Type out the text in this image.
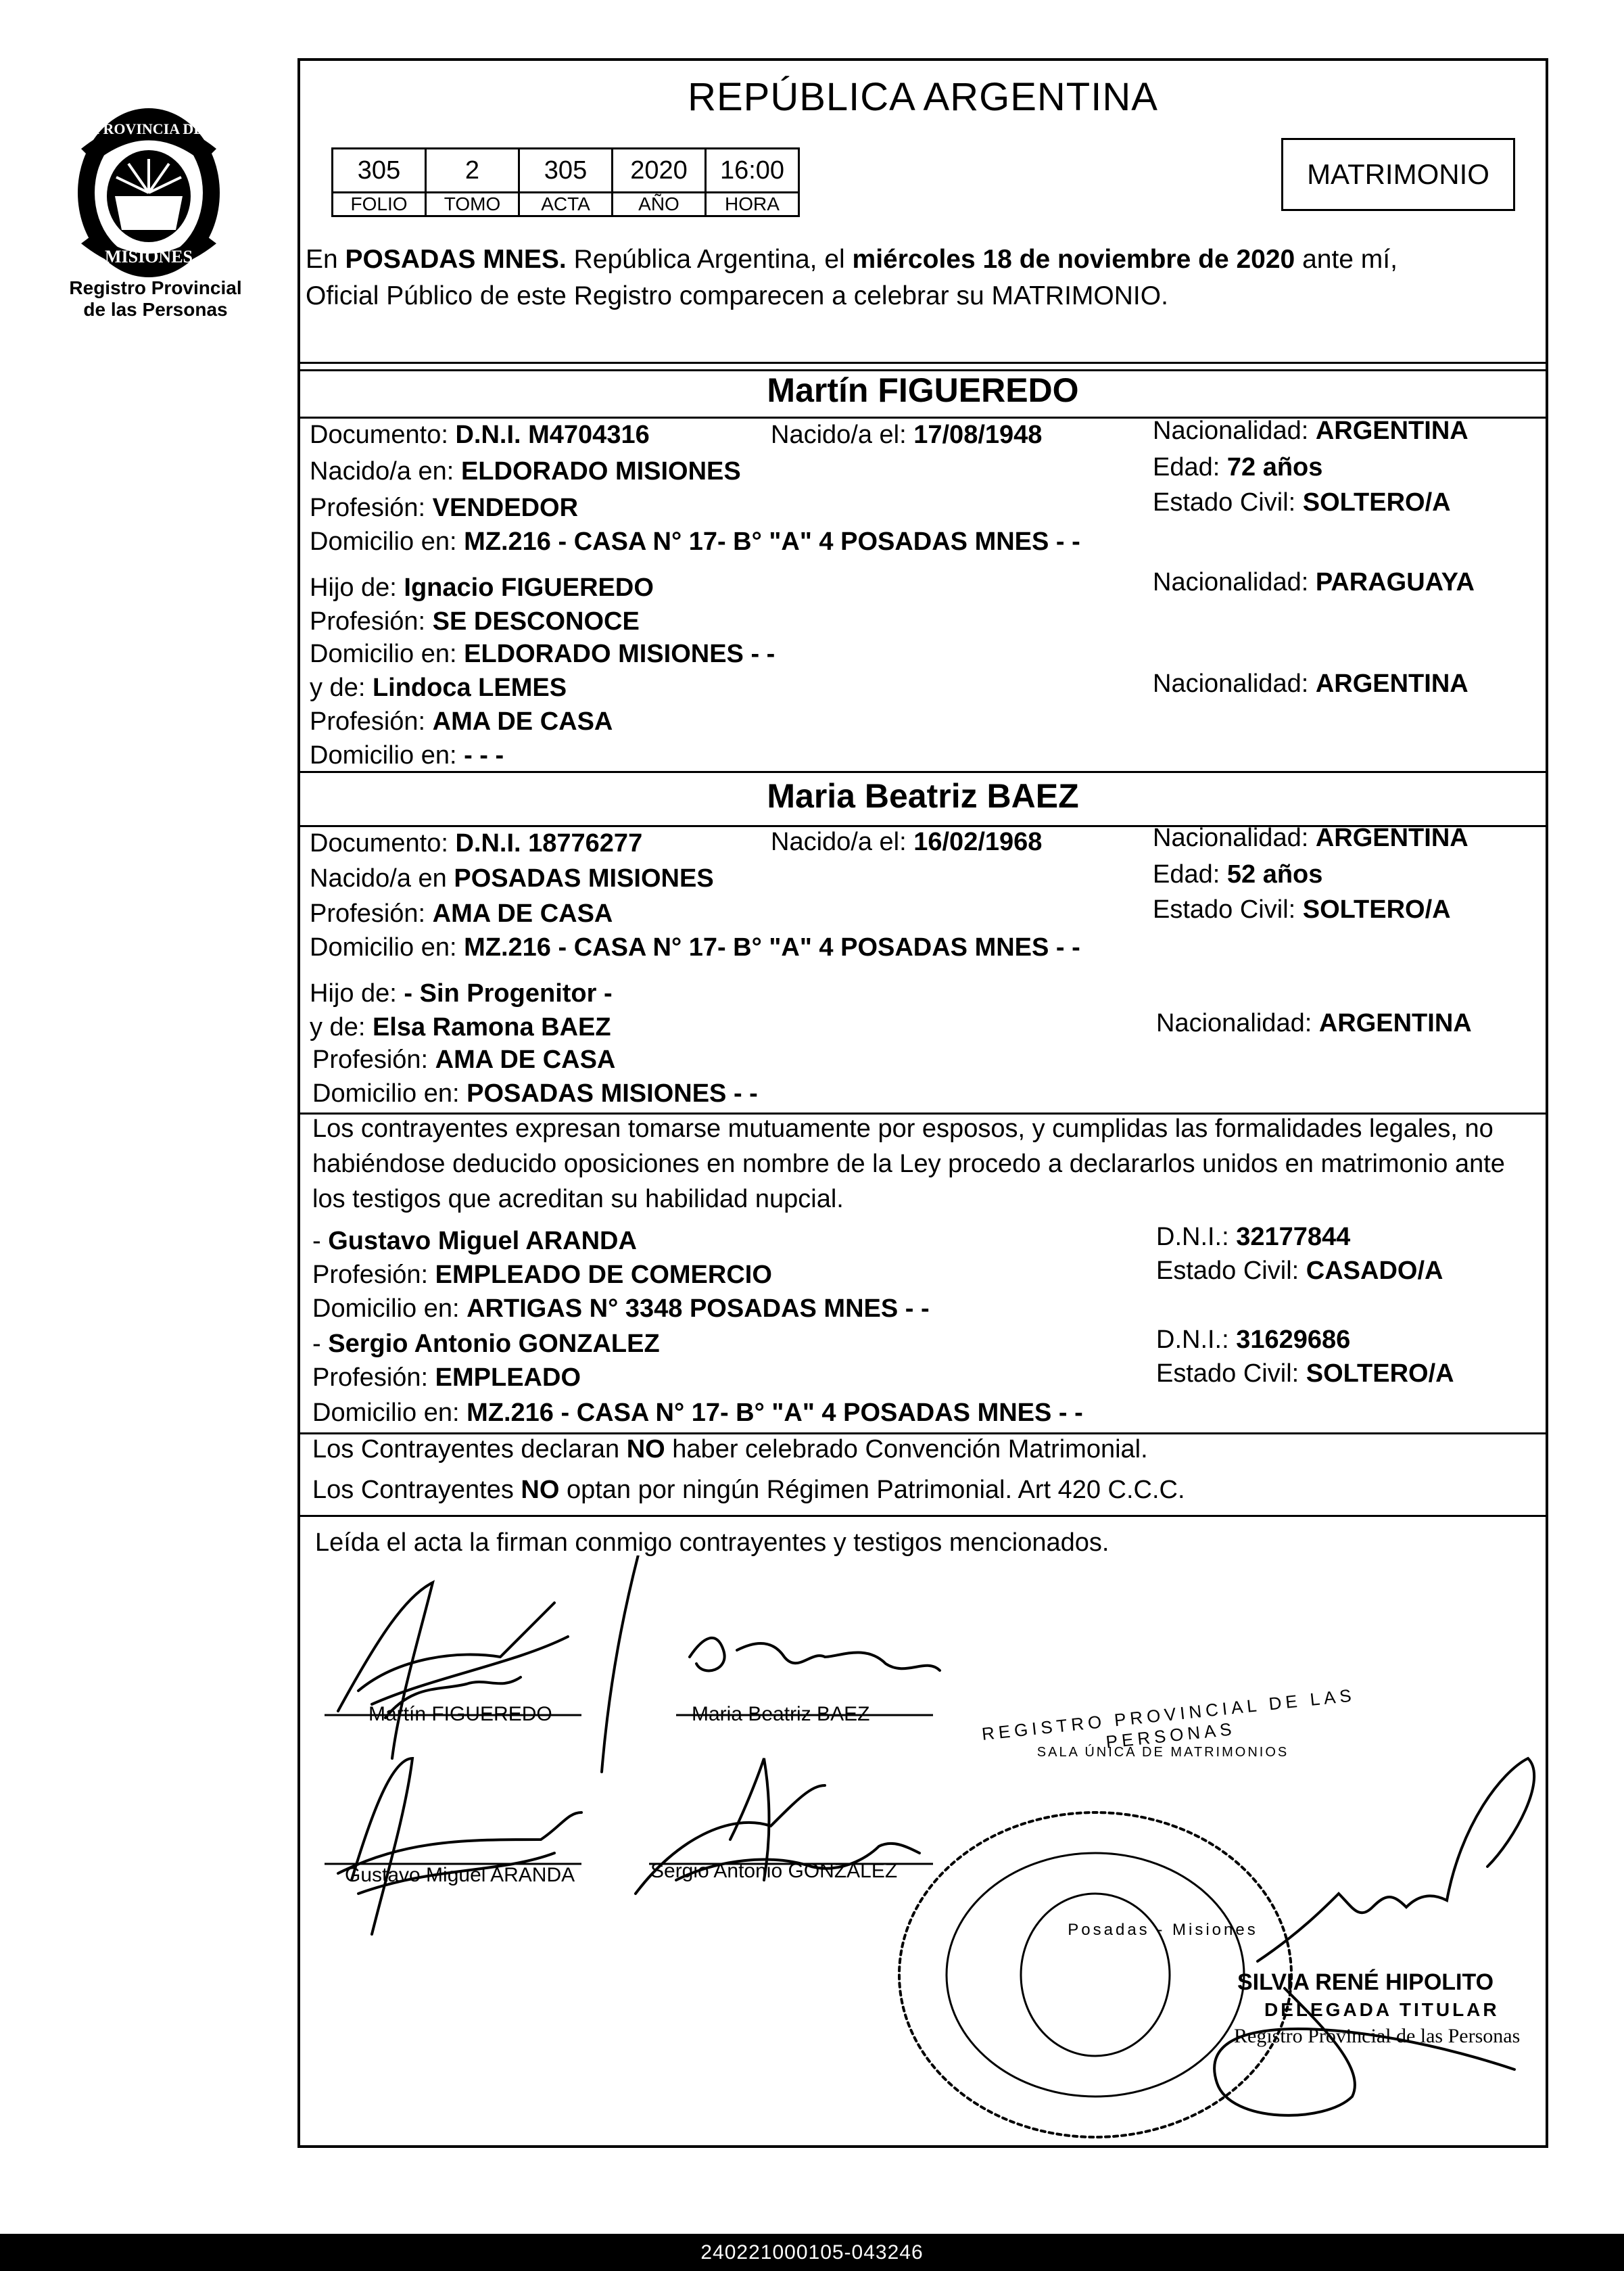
PROVINCIA DE
MISIONES
Registro Provincial
de las Personas
REPÚBLICA ARGENTINA
305	2	305	2020	16:00
FOLIO	TOMO	ACTA	AÑO	HORA
MATRIMONIO
En POSADAS MNES. República Argentina, el miércoles 18 de noviembre de 2020 ante mí,
Oficial Público de este Registro comparecen a celebrar su MATRIMONIO.
Martín FIGUEREDO
Documento: D.N.I. M4704316	Nacido/a el: 17/08/1948	Nacionalidad: ARGENTINA
Nacido/a en: ELDORADO MISIONES	Edad: 72 años
Profesión: VENDEDOR	Estado Civil: SOLTERO/A
Domicilio en: MZ.216 - CASA N° 17- B° "A" 4 POSADAS MNES - -
Hijo de: Ignacio FIGUEREDO	Nacionalidad: PARAGUAYA
Profesión: SE DESCONOCE
Domicilio en: ELDORADO MISIONES - -
y de: Lindoca LEMES	Nacionalidad: ARGENTINA
Profesión: AMA DE CASA
Domicilio en: - - -
Maria Beatriz BAEZ
Documento: D.N.I. 18776277	Nacido/a el: 16/02/1968	Nacionalidad: ARGENTINA
Nacido/a en POSADAS MISIONES	Edad: 52 años
Profesión: AMA DE CASA	Estado Civil: SOLTERO/A
Domicilio en: MZ.216 - CASA N° 17- B° "A" 4 POSADAS MNES - -
Hijo de: - Sin Progenitor -
y de: Elsa Ramona BAEZ	Nacionalidad: ARGENTINA
Profesión: AMA DE CASA
Domicilio en: POSADAS MISIONES - -
Los contrayentes expresan tomarse mutuamente por esposos, y cumplidas las formalidades legales, no
habiéndose deducido oposiciones en nombre de la Ley procedo a declararlos unidos en matrimonio ante
los testigos que acreditan su habilidad nupcial.
- Gustavo Miguel ARANDA	D.N.I.: 32177844
Profesión: EMPLEADO DE COMERCIO	Estado Civil: CASADO/A
Domicilio en: ARTIGAS N° 3348 POSADAS MNES - -
- Sergio Antonio GONZALEZ	D.N.I.: 31629686
Profesión: EMPLEADO	Estado Civil: SOLTERO/A
Domicilio en: MZ.216 - CASA N° 17- B° "A" 4 POSADAS MNES - -
Los Contrayentes declaran NO haber celebrado Convención Matrimonial.
Los Contrayentes NO optan por ningún Régimen Patrimonial. Art 420 C.C.C.
Leída el acta la firman conmigo contrayentes y testigos mencionados.
Martín FIGUEREDO	Maria Beatriz BAEZ
Gustavo Miguel ARANDA	Sergio Antonio GONZALEZ
REGISTRO PROVINCIAL DE LAS PERSONAS
SALA ÚNICA DE MATRIMONIOS
Posadas - Misiones
SILVIA RENÉ HIPOLITO
DELEGADA TITULAR
Registro Provincial de las Personas
240221000105-043246
